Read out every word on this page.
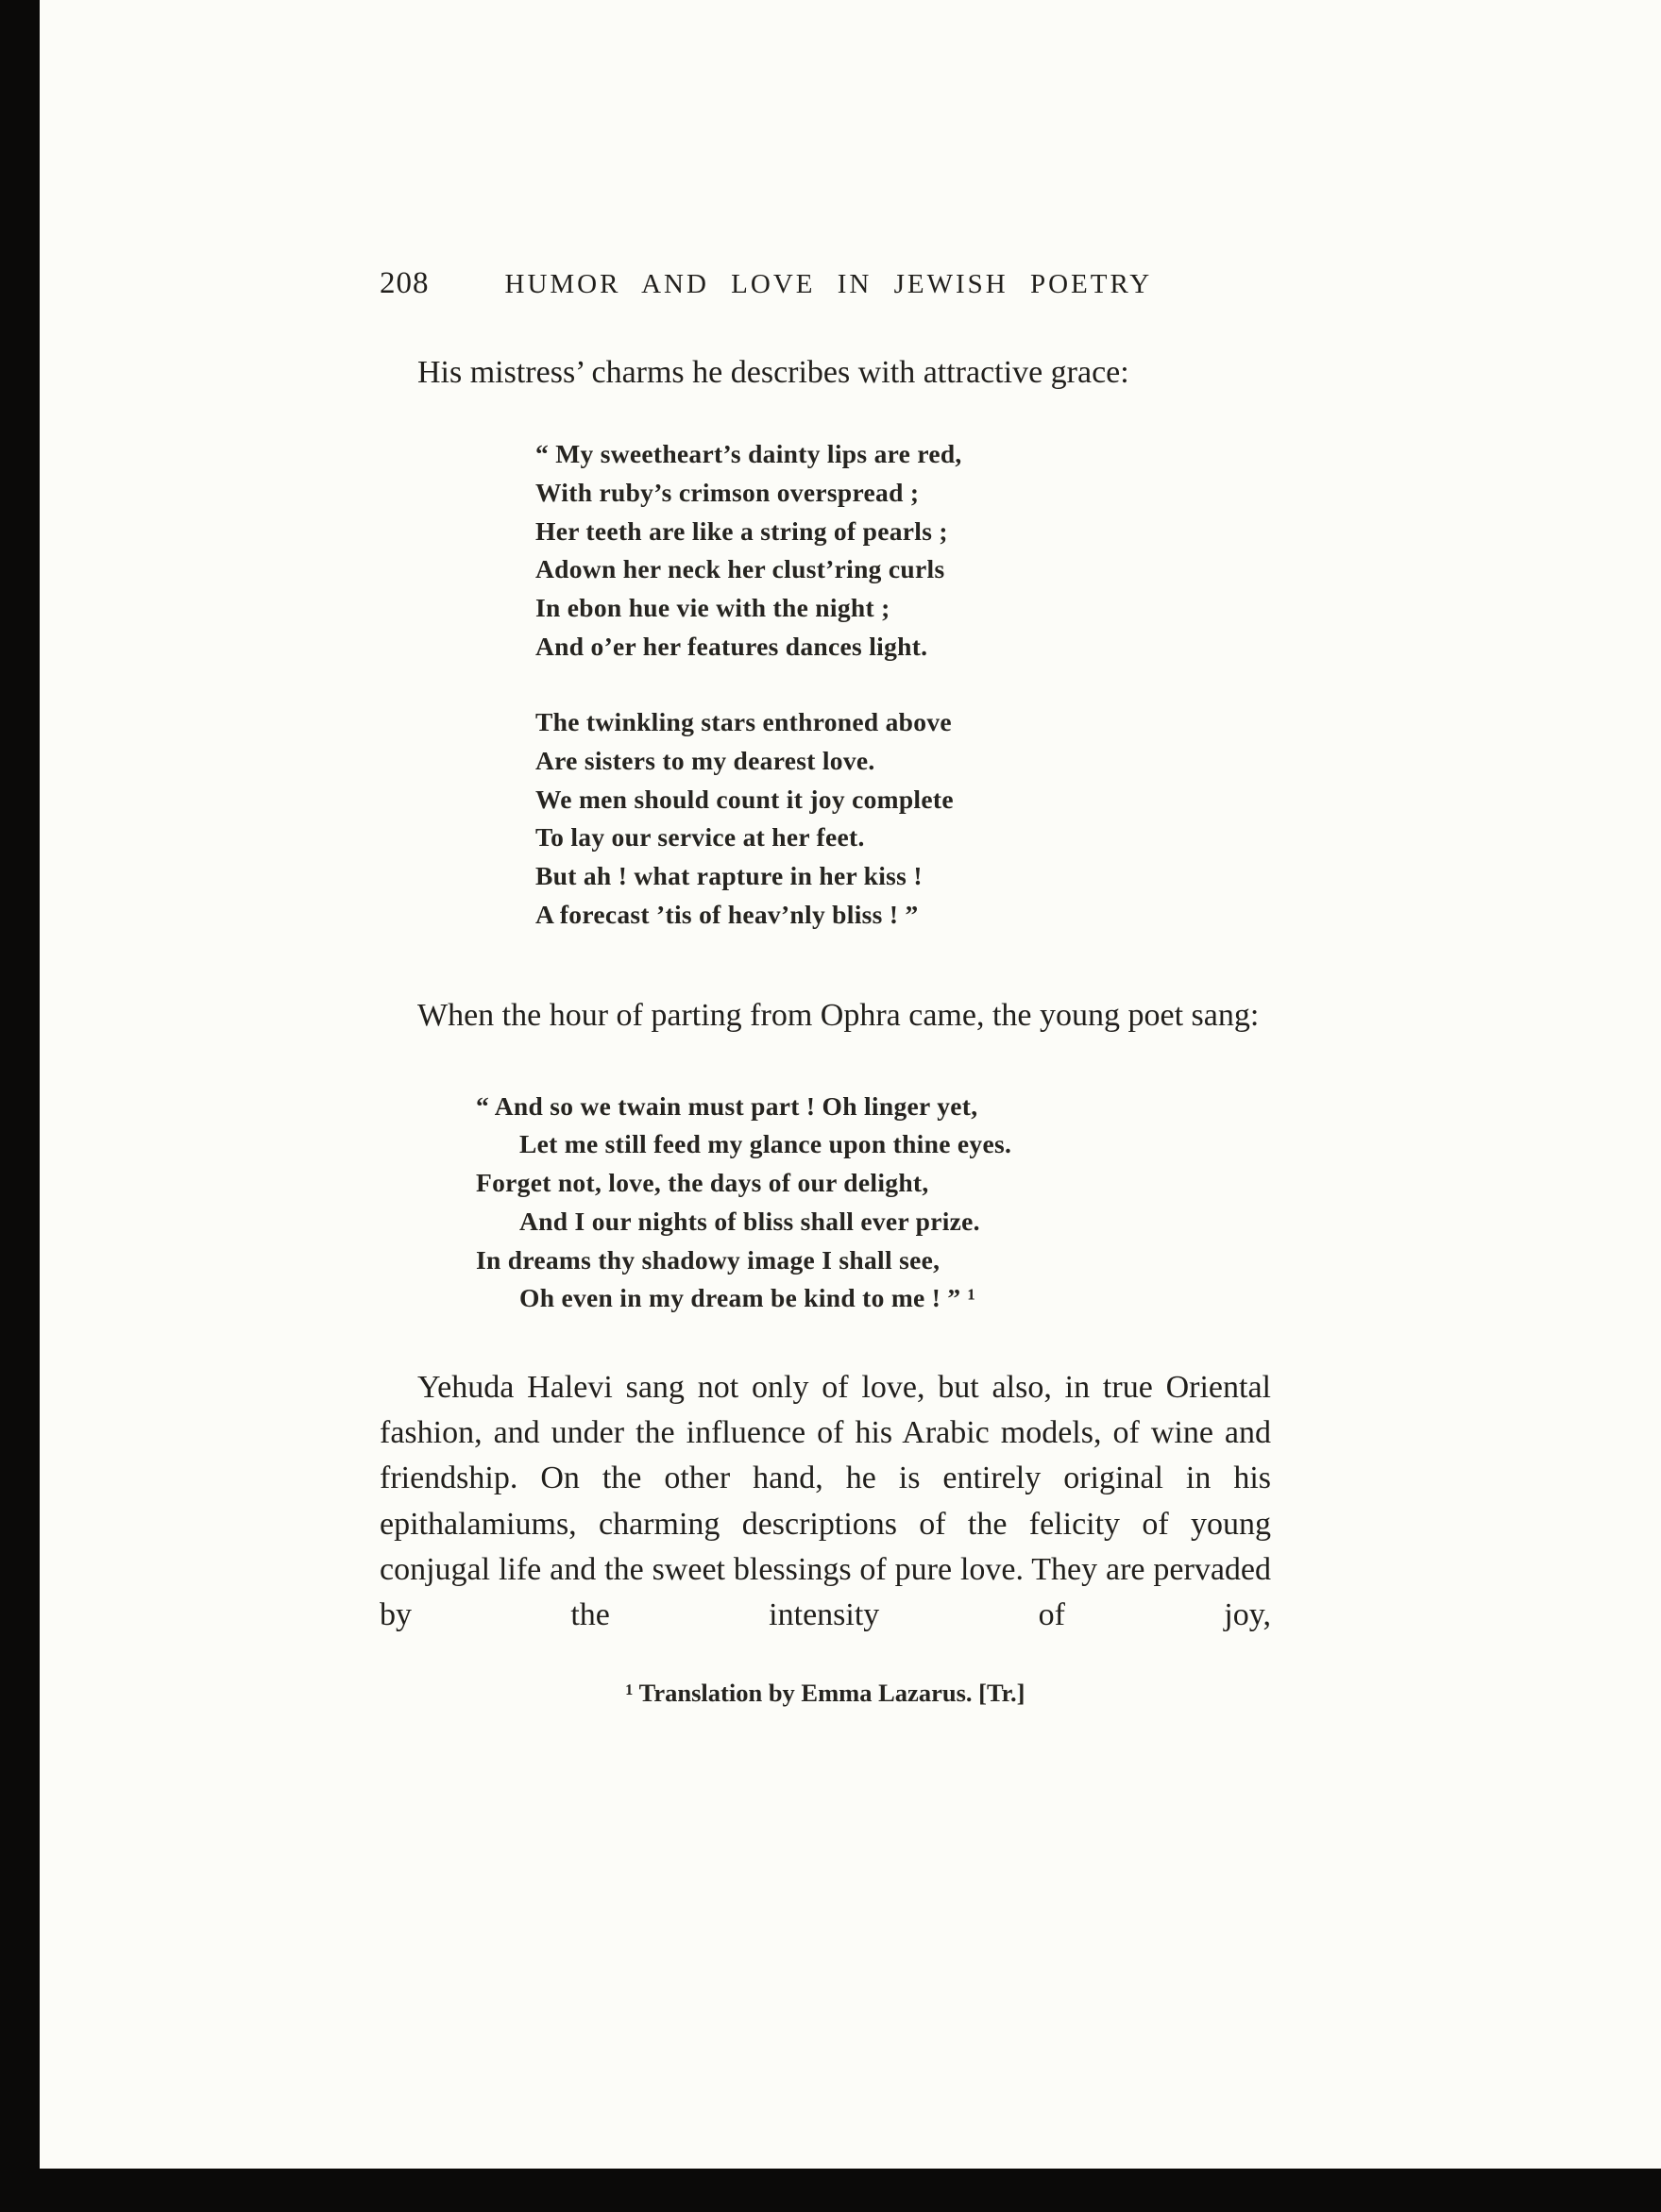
208	HUMOR AND LOVE IN JEWISH POETRY

His mistress’ charms he describes with attractive grace:

“ My sweetheart’s dainty lips are red,
With ruby’s crimson overspread ;
Her teeth are like a string of pearls ;
Adown her neck her clust’ring curls
In ebon hue vie with the night ;
And o’er her features dances light.
The twinkling stars enthroned above
Are sisters to my dearest love.
We men should count it joy complete
To lay our service at her feet.
But ah ! what rapture in her kiss !
A forecast ’tis of heav’nly bliss ! ”

When the hour of parting from Ophra came, the young poet sang:

“ And so we twain must part ! Oh linger yet,
Let me still feed my glance upon thine eyes.
Forget not, love, the days of our delight,
And I our nights of bliss shall ever prize.
In dreams thy shadowy image I shall see,
Oh even in my dream be kind to me ! ” ¹

Yehuda Halevi sang not only of love, but also, in true Oriental fashion, and under the influence of his Arabic models, of wine and friendship. On the other hand, he is entirely original in his epithalamiums, charming descriptions of the felicity of young conjugal life and the sweet blessings of pure love. They are pervaded by the intensity of joy,

¹ Translation by Emma Lazarus. [Tr.]
